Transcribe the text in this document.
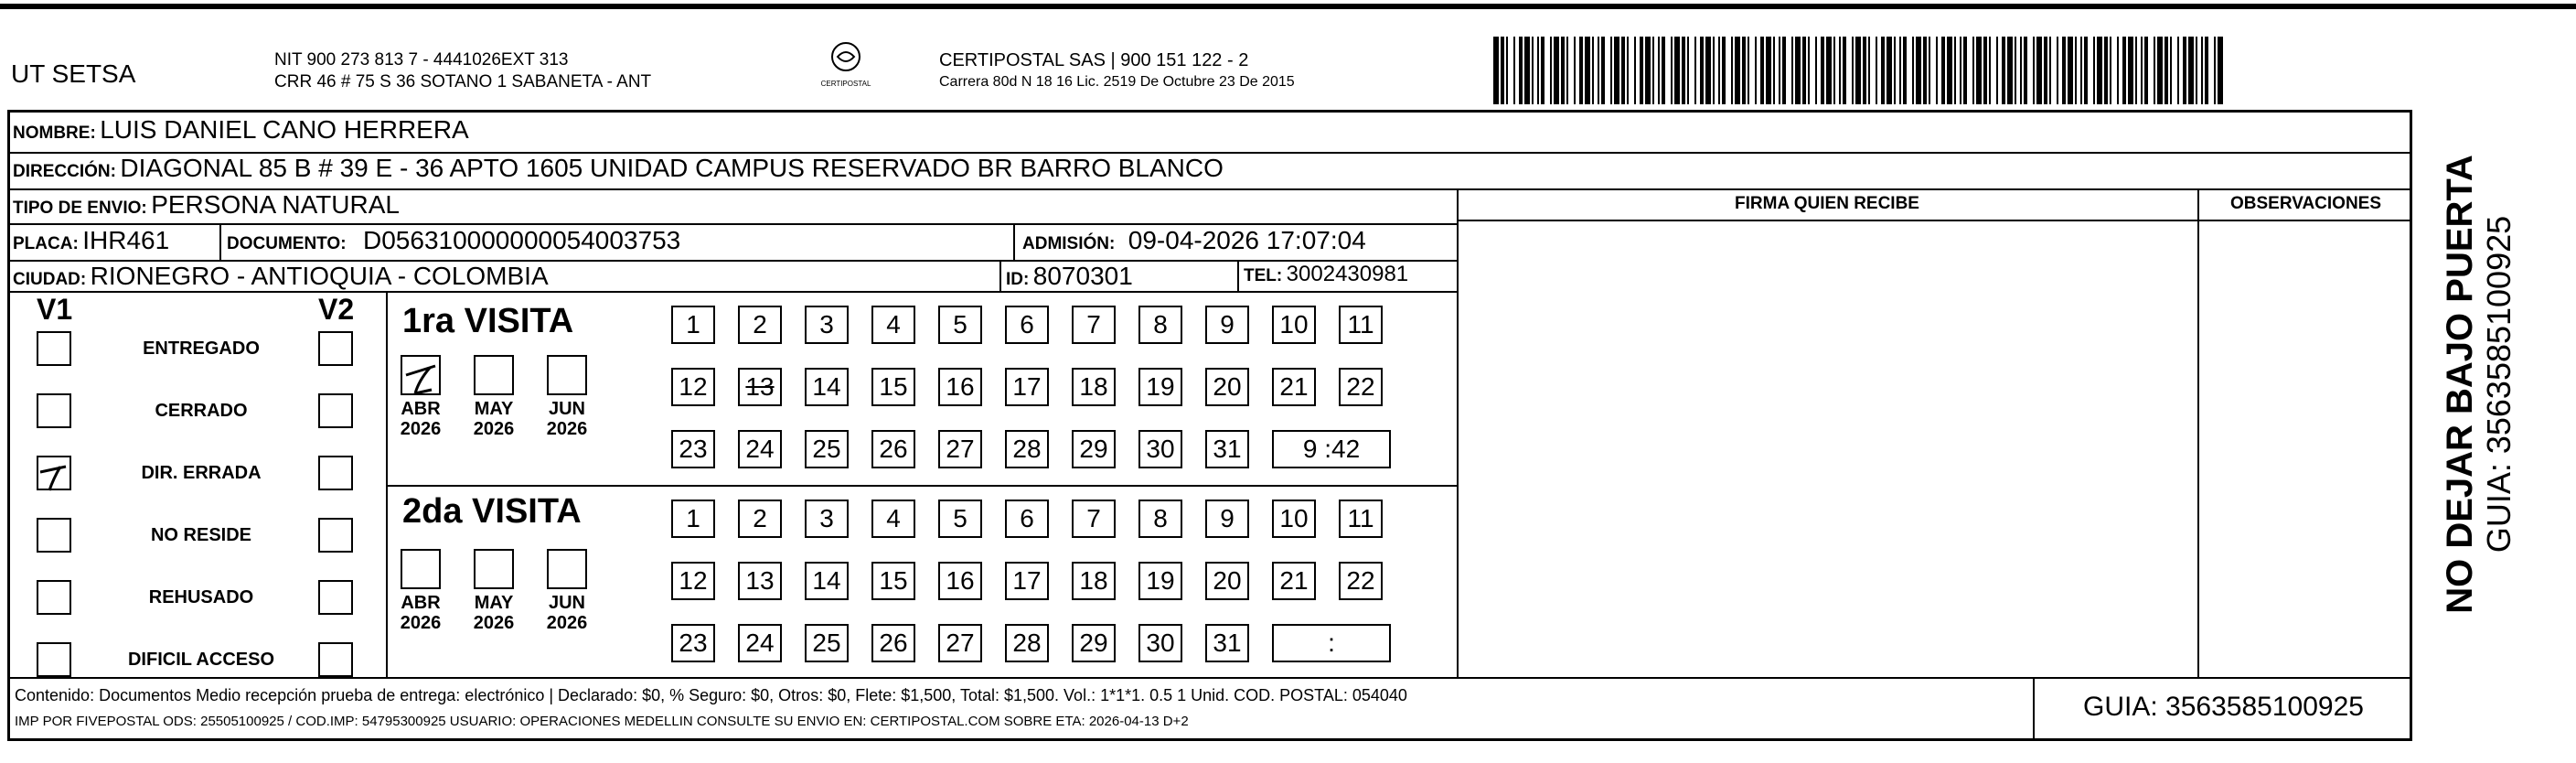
UT SETSA	NIT 900 273 813 7 - 4441026EXT 313
CRR 46 # 75 S 36 SOTANO 1 SABANETA - ANT	CERTIPOSTAL
CERTIPOSTAL SAS | 900 151 122 - 2
Carrera 80d N 18 16 Lic. 2519 De Octubre 23 De 2015
NOMBRE: LUIS DANIEL CANO HERRERA
DIRECCIÓN: DIAGONAL 85 B # 39 E - 36 APTO 1605 UNIDAD CAMPUS RESERVADO BR BARRO BLANCO
TIPO DE ENVIO: PERSONA NATURAL
PLACA: IHR461	DOCUMENTO: D056310000000054003753	ADMISIÓN: 09-04-2026 17:07:04
CIUDAD: RIONEGRO - ANTIOQUIA - COLOMBIA	ID: 8070301	TEL: 3002430981
FIRMA QUIEN RECIBE	OBSERVACIONES
V1	V2
ENTREGADO
CERRADO
DIR. ERRADA
NO RESIDE
REHUSADO
DIFICIL ACCESO
1ra VISITA
ABR
2026
MAY
2026
JUN
2026
1	2	3	4	5	6	7	8	9	10	11
12	13	14	15	16	17	18	19	20	21	22
23	24	25	26	27	28	29	30	31	9 :42
2da VISITA
ABR
2026
MAY
2026
JUN
2026
1	2	3	4	5	6	7	8	9	10	11
12	13	14	15	16	17	18	19	20	21	22
23	24	25	26	27	28	29	30	31	:
Contenido: Documentos Medio recepción prueba de entrega: electrónico | Declarado: $0, % Seguro: $0, Otros: $0, Flete: $1,500, Total: $1,500. Vol.: 1*1*1. 0.5 1 Unid. COD. POSTAL: 054040
IMP POR FIVEPOSTAL ODS: 25505100925 / COD.IMP: 54795300925 USUARIO: OPERACIONES MEDELLIN CONSULTE SU ENVIO EN: CERTIPOSTAL.COM SOBRE ETA: 2026-04-13 D+2	GUIA: 3563585100925
NO DEJAR BAJO PUERTA GUIA: 3563585100925
